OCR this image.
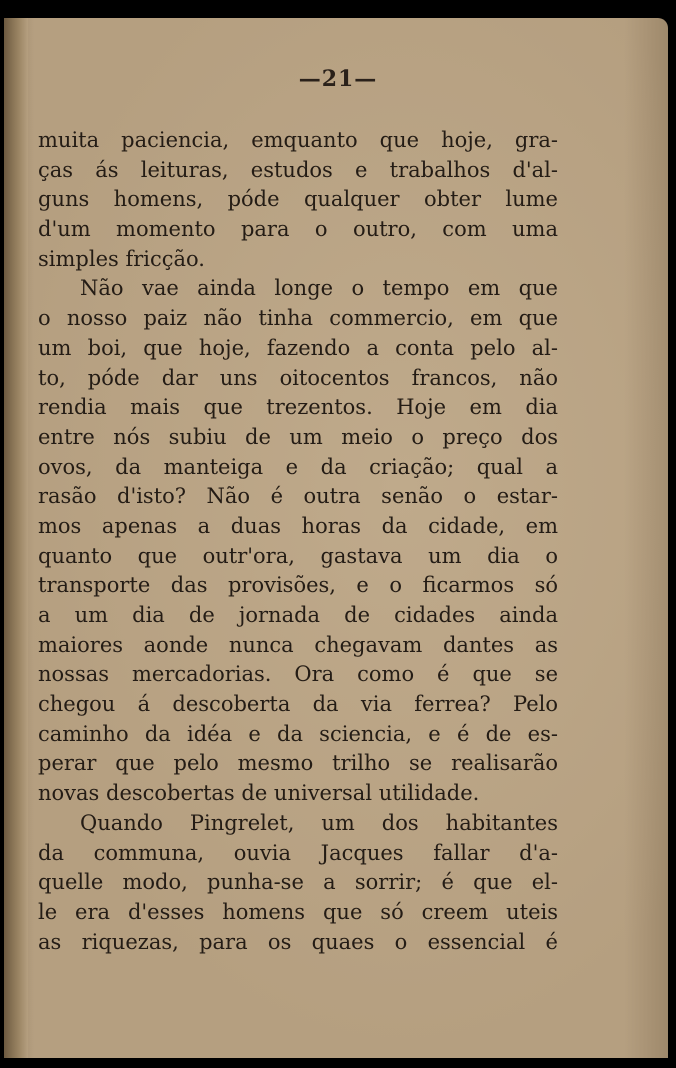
—21—
muita paciencia, emquanto que hoje, gra-
ças ás leituras, estudos e trabalhos d'al-
guns homens, póde qualquer obter lume
d'um momento para o outro, com uma
simples fricção.
Não vae ainda longe o tempo em que
o nosso paiz não tinha commercio, em que
um boi, que hoje, fazendo a conta pelo al-
to, póde dar uns oitocentos francos, não
rendia mais que trezentos. Hoje em dia
entre nós subiu de um meio o preço dos
ovos, da manteiga e da criação; qual a
rasão d'isto? Não é outra senão o estar-
mos apenas a duas horas da cidade, em
quanto que outr'ora, gastava um dia o
transporte das provisões, e o ficarmos só
a um dia de jornada de cidades ainda
maiores aonde nunca chegavam dantes as
nossas mercadorias. Ora como é que se
chegou á descoberta da via ferrea? Pelo
caminho da idéa e da sciencia, e é de es-
perar que pelo mesmo trilho se realisarão
novas descobertas de universal utilidade.
Quando Pingrelet, um dos habitantes
da communa, ouvia Jacques fallar d'a-
quelle modo, punha-se a sorrir; é que el-
le era d'esses homens que só creem uteis
as riquezas, para os quaes o essencial é
